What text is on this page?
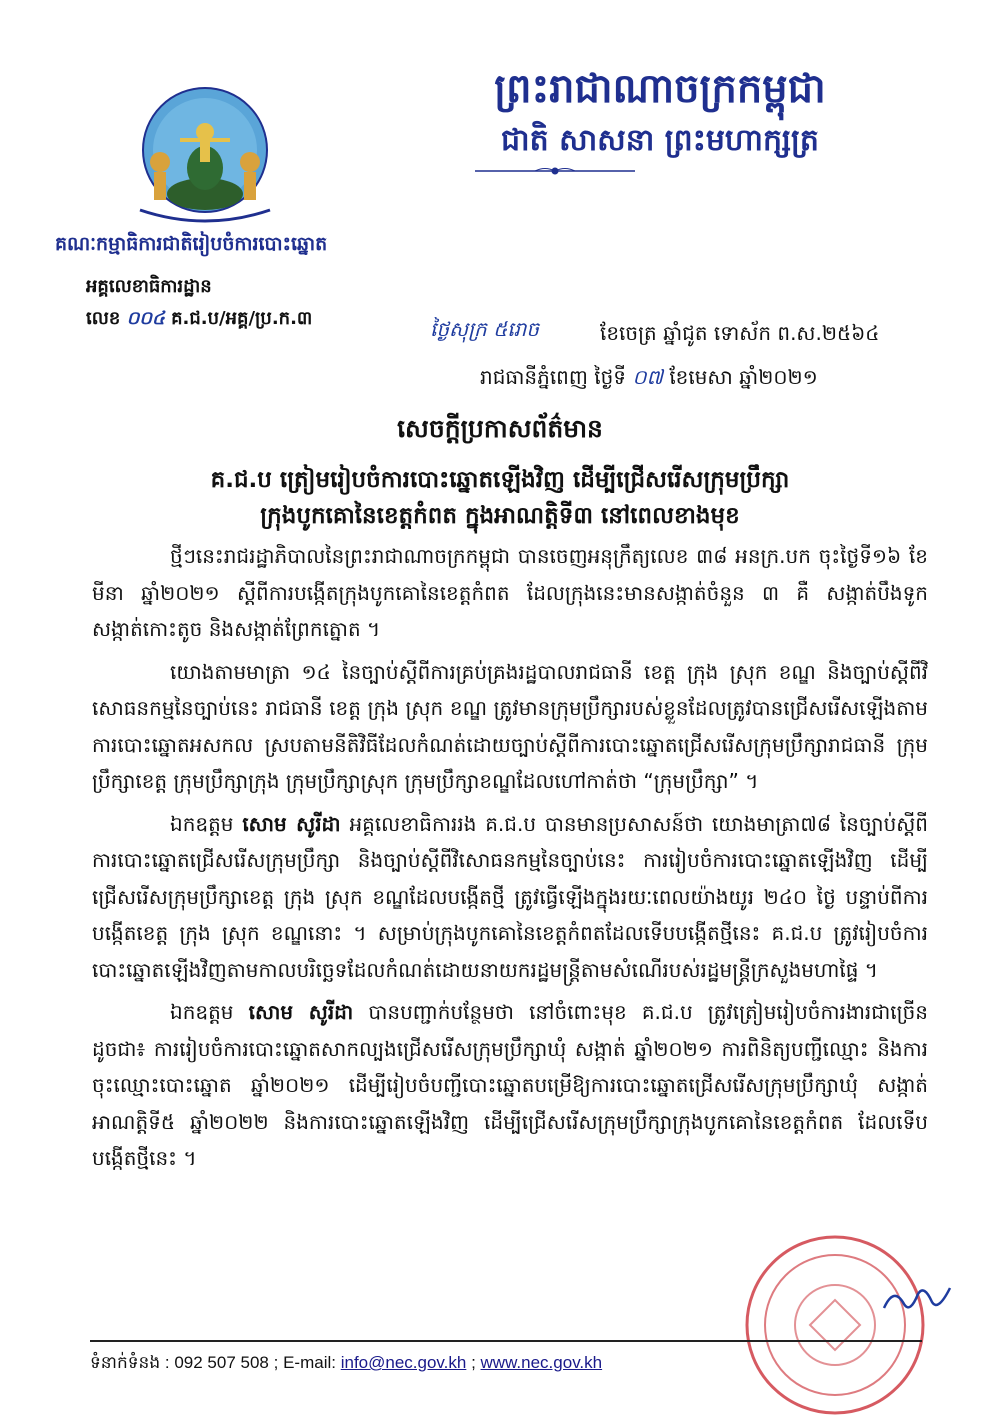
ព្រះរាជាណាចក្រកម្ពុជា
ជាតិ សាសនា ព្រះមហាក្សត្រ
គណៈកម្មាធិការជាតិរៀបចំការបោះឆ្នោត
អគ្គលេខាធិការដ្ឋាន
លេខ ០០៤ គ.ជ.ប/អគ្គ/ប្រ.ក.៣	ថ្ងៃសុក្រ ៥រោច	ខែចេត្រ ឆ្នាំជូត ទោស័ក ព.ស.២៥៦៤
រាជធានីភ្នំពេញ ថ្ងៃទី ០៧ ខែមេសា ឆ្នាំ២០២១
សេចក្ដីប្រកាសព័ត៌មាន
គ.ជ.ប ត្រៀមរៀបចំការបោះឆ្នោតឡើងវិញ ដើម្បីជ្រើសរើសក្រុមប្រឹក្សា
ក្រុងបូកគោនៃខេត្តកំពត ក្នុងអាណត្តិទី៣ នៅពេលខាងមុខ

ថ្មីៗនេះរាជរដ្ឋាភិបាលនៃព្រះរាជាណាចក្រកម្ពុជា បានចេញអនុក្រឹត្យលេខ ៣៨ អនក្រ.បក ចុះថ្ងៃទី១៦ ខែមីនា ឆ្នាំ២០២១ ស្ដីពីការបង្កើតក្រុងបូកគោនៃខេត្តកំពត ដែលក្រុងនេះមានសង្កាត់ចំនួន ៣ គឺ សង្កាត់បឹងទូក សង្កាត់កោះតូច និងសង្កាត់ព្រែកត្នោត ។

យោងតាមមាត្រា ១៤ នៃច្បាប់ស្ដីពីការគ្រប់គ្រងរដ្ឋបាលរាជធានី ខេត្ត ក្រុង ស្រុក ខណ្ឌ និងច្បាប់ស្ដីពីវិសោធនកម្មនៃច្បាប់នេះ រាជធានី ខេត្ត ក្រុង ស្រុក ខណ្ឌ ត្រូវមានក្រុមប្រឹក្សារបស់ខ្លួនដែលត្រូវបានជ្រើសរើសឡើងតាមការបោះឆ្នោតអសកល ស្របតាមនីតិវិធីដែលកំណត់ដោយច្បាប់ស្ដីពីការបោះឆ្នោតជ្រើសរើសក្រុមប្រឹក្សារាជធានី ក្រុមប្រឹក្សាខេត្ត ក្រុមប្រឹក្សាក្រុង ក្រុមប្រឹក្សាស្រុក ក្រុមប្រឹក្សាខណ្ឌដែលហៅកាត់ថា “ក្រុមប្រឹក្សា” ។

ឯកឧត្តម សោម សូរីដា អគ្គលេខាធិការរង គ.ជ.ប បានមានប្រសាសន៍ថា យោងមាត្រា៧៨ នៃច្បាប់ស្ដីពីការបោះឆ្នោតជ្រើសរើសក្រុមប្រឹក្សា និងច្បាប់ស្ដីពីវិសោធនកម្មនៃច្បាប់នេះ ការរៀបចំការបោះឆ្នោតឡើងវិញ ដើម្បីជ្រើសរើសក្រុមប្រឹក្សាខេត្ត ក្រុង ស្រុក ខណ្ឌដែលបង្កើតថ្មី ត្រូវធ្វើឡើងក្នុងរយៈពេលយ៉ាងយូរ ២៤០ ថ្ងៃ បន្ទាប់ពីការបង្កើតខេត្ត ក្រុង ស្រុក ខណ្ឌនោះ ។ សម្រាប់ក្រុងបូកគោនៃខេត្តកំពតដែលទើបបង្កើតថ្មីនេះ គ.ជ.ប ត្រូវរៀបចំការបោះឆ្នោតឡើងវិញតាមកាលបរិច្ឆេទដែលកំណត់ដោយនាយករដ្ឋមន្ត្រីតាមសំណើរបស់រដ្ឋមន្ត្រីក្រសួងមហាផ្ទៃ ។

ឯកឧត្តម សោម សូរីដា បានបញ្ជាក់បន្ថែមថា នៅចំពោះមុខ គ.ជ.ប ត្រូវត្រៀមរៀបចំការងារជាច្រើន ដូចជា៖ ការរៀបចំការបោះឆ្នោតសាកល្បងជ្រើសរើសក្រុមប្រឹក្សាឃុំ សង្កាត់ ឆ្នាំ២០២១ ការពិនិត្យបញ្ជីឈ្មោះ និងការចុះឈ្មោះបោះឆ្នោត ឆ្នាំ២០២១ ដើម្បីរៀបចំបញ្ជីបោះឆ្នោតបម្រើឱ្យការបោះឆ្នោតជ្រើសរើសក្រុមប្រឹក្សាឃុំ សង្កាត់ អាណត្តិទី៥ ឆ្នាំ២០២២ និងការបោះឆ្នោតឡើងវិញ ដើម្បីជ្រើសរើសក្រុមប្រឹក្សាក្រុងបូកគោនៃខេត្តកំពត ដែលទើបបង្កើតថ្មីនេះ ។

ទំនាក់ទំនង : 092 507 508 ; E-mail: info@nec.gov.kh ; www.nec.gov.kh
